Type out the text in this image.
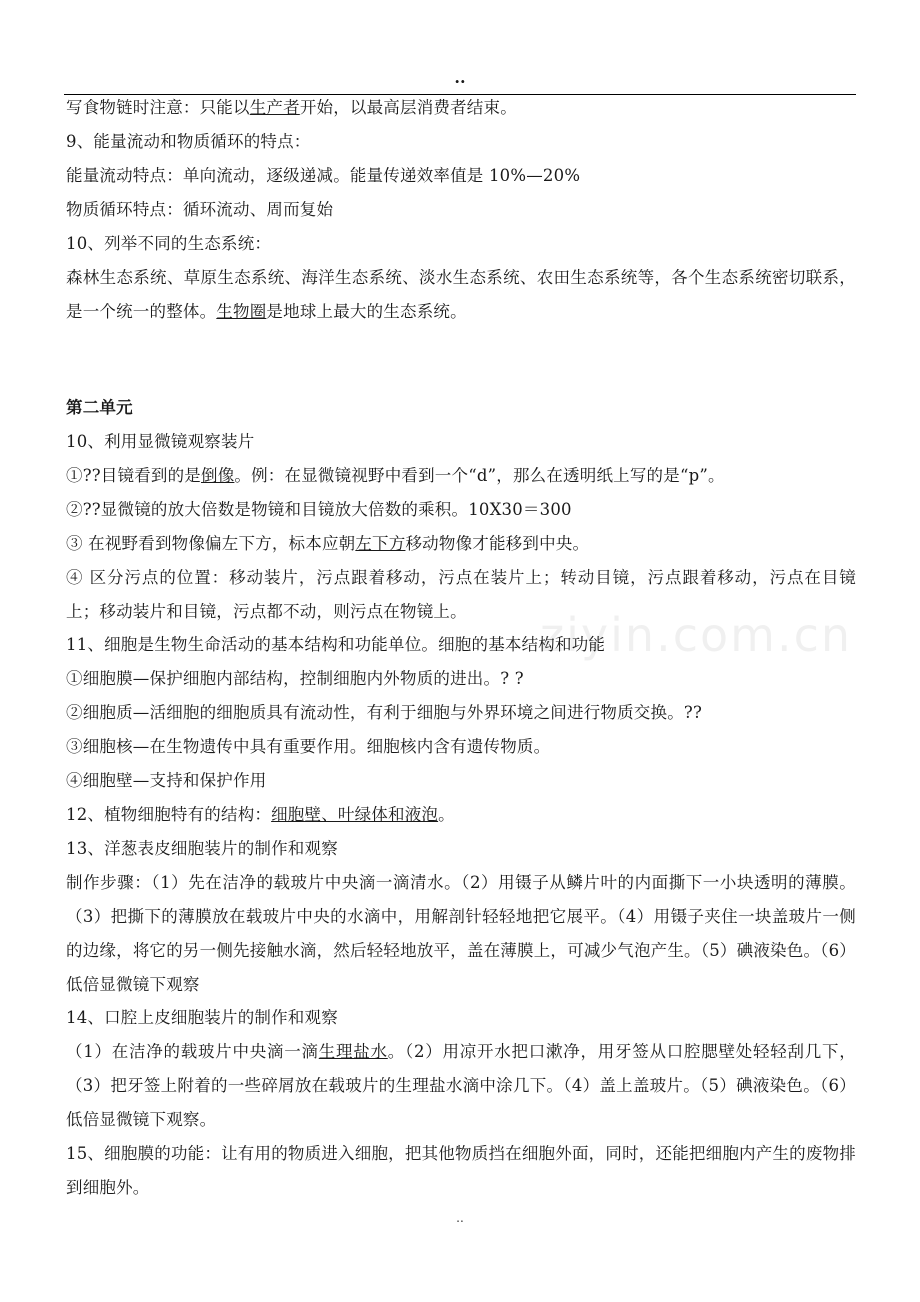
..
ziyin.com.cn
写食物链时注意：只能以生产者开始，以最高层消费者结束。
9、能量流动和物质循环的特点：
能量流动特点：单向流动，逐级递减。能量传递效率值是 10%—20%
物质循环特点：循环流动、周而复始
10、列举不同的生态系统：
森林生态系统、草原生态系统、海洋生态系统、淡水生态系统、农田生态系统等，各个生态系统密切联系，是一个统一的整体。生物圈是地球上最大的生态系统。
第二单元
10、利用显微镜观察装片
①??目镜看到的是倒像。例：在显微镜视野中看到一个“d”，那么在透明纸上写的是“p”。
②??显微镜的放大倍数是物镜和目镜放大倍数的乘积。10X30＝300
③ 在视野看到物像偏左下方，标本应朝左下方移动物像才能移到中央。
④ 区分污点的位置：移动装片，污点跟着移动，污点在装片上；转动目镜，污点跟着移动，污点在目镜上；移动装片和目镜，污点都不动，则污点在物镜上。
11、细胞是生物生命活动的基本结构和功能单位。细胞的基本结构和功能
①细胞膜—保护细胞内部结构，控制细胞内外物质的进出。? ?
②细胞质—活细胞的细胞质具有流动性，有利于细胞与外界环境之间进行物质交换。??
③细胞核—在生物遗传中具有重要作用。细胞核内含有遗传物质。
④细胞壁—支持和保护作用
12、植物细胞特有的结构：细胞壁、叶绿体和液泡。
13、洋葱表皮细胞装片的制作和观察
制作步骤：（1）先在洁净的载玻片中央滴一滴清水。（2）用镊子从鳞片叶的内面撕下一小块透明的薄膜。（3）把撕下的薄膜放在载玻片中央的水滴中，用解剖针轻轻地把它展平。（4）用镊子夹住一块盖玻片一侧的边缘，将它的另一侧先接触水滴，然后轻轻地放平，盖在薄膜上，可减少气泡产生。（5）碘液染色。（6）低倍显微镜下观察
14、口腔上皮细胞装片的制作和观察
（1）在洁净的载玻片中央滴一滴生理盐水。（2）用凉开水把口漱净，用牙签从口腔腮壁处轻轻刮几下，（3）把牙签上附着的一些碎屑放在载玻片的生理盐水滴中涂几下。（4）盖上盖玻片。（5）碘液染色。（6）低倍显微镜下观察。
15、细胞膜的功能：让有用的物质进入细胞，把其他物质挡在细胞外面，同时，还能把细胞内产生的废物排到细胞外。
..
